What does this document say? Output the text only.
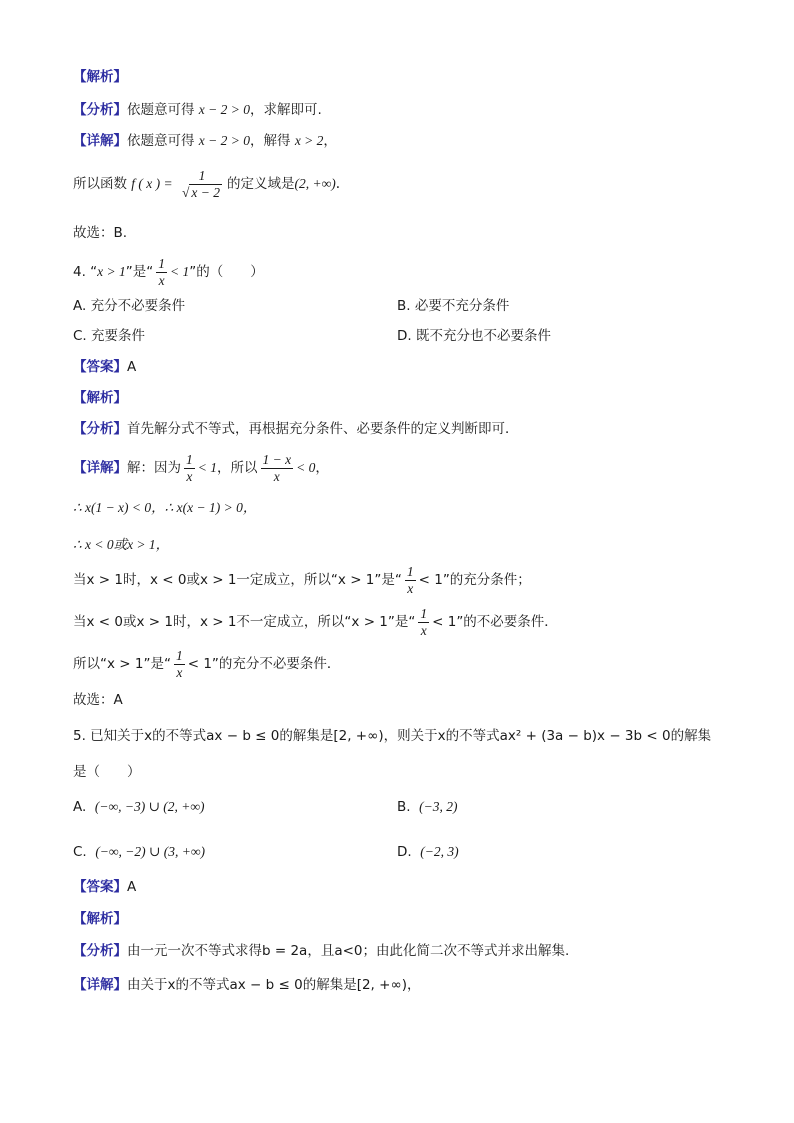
【解析】
【分析】依题意可得 x − 2 > 0，求解即可.
【详解】依题意可得 x − 2 > 0，解得 x > 2，
所以函数 f ( x ) = $\frac{1}{√ x - 2}$ 的定义域是(2, +∞).
故选：B.
4. “x > 1”是“ $\frac{1}{x} < 1$”的（　　）
A. 充分不必要条件	B. 必要不充分条件
C. 充要条件	D. 既不充分也不必要条件
【答案】A
【解析】
【分析】首先解分式不等式，再根据充分条件、必要条件的定义判断即可．
【详解】解：因为 $\frac{1}{x} < 1$，所以 $\frac{1 - x}{x} < 0$，
∴ x(1 − x) < 0，∴ x(x − 1) > 0，
∴ x < 0或x > 1，
当x > 1时，x < 0或x > 1一定成立，所以“x > 1”是“ $\frac{1}{x} < 1$”的充分条件；
当x < 0或x > 1时，x > 1不一定成立，所以“x > 1”是“ $\frac{1}{x} < 1$”的不必要条件．
所以“x > 1”是“ $\frac{1}{x} < 1$”的充分不必要条件．
故选：A
5. 已知关于x的不等式ax − b ≤ 0的解集是[2, +∞)，则关于x的不等式ax² + (3a − b)x − 3b < 0的解集
是（　　）
A. (−∞, −3) ∪ (2, +∞)	B. (−3, 2)
C. (−∞, −2) ∪ (3, +∞)	D. (−2, 3)
【答案】A
【解析】
【分析】由一元一次不等式求得b = 2a，且a<0；由此化简二次不等式并求出解集.
【详解】由关于x的不等式ax − b ≤ 0的解集是[2, +∞)，
